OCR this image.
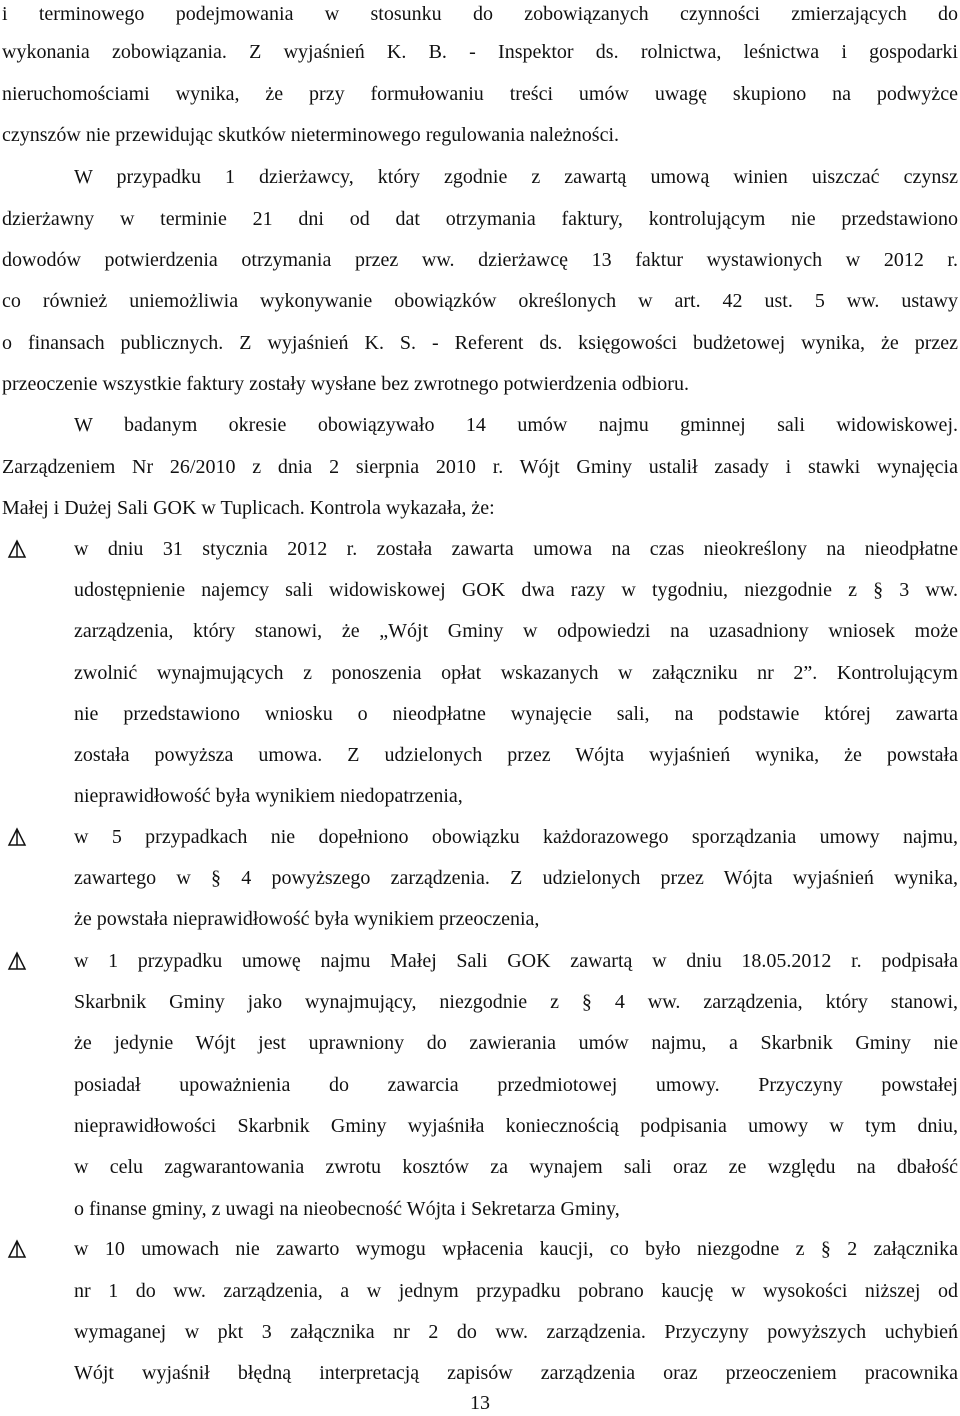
i terminowego podejmowania w stosunku do zobowiązanych czynności zmierzających do
wykonania zobowiązania. Z wyjaśnień K. B. - Inspektor ds. rolnictwa, leśnictwa i gospodarki
nieruchomościami wynika, że przy formułowaniu treści umów uwagę skupiono na podwyżce
czynszów nie przewidując skutków nieterminowego regulowania należności.
W przypadku 1 dzierżawcy, który zgodnie z zawartą umową winien uiszczać czynsz
dzierżawny w terminie 21 dni od dat otrzymania faktury, kontrolującym nie przedstawiono
dowodów potwierdzenia otrzymania przez ww. dzierżawcę 13 faktur wystawionych w 2012 r.
co również uniemożliwia wykonywanie obowiązków określonych w art. 42 ust. 5 ww. ustawy
o finansach publicznych. Z wyjaśnień K. S. - Referent ds. księgowości budżetowej wynika, że przez
przeoczenie wszystkie faktury zostały wysłane bez zwrotnego potwierdzenia odbioru.
W badanym okresie obowiązywało 14 umów najmu gminnej sali widowiskowej.
Zarządzeniem Nr 26/2010 z dnia 2 sierpnia 2010 r. Wójt Gminy ustalił zasady i stawki wynajęcia
Małej i Dużej Sali GOK w Tuplicach. Kontrola wykazała, że:
w dniu 31 stycznia 2012 r. została zawarta umowa na czas nieokreślony na nieodpłatne
udostępnienie najemcy sali widowiskowej GOK dwa razy w tygodniu, niezgodnie z § 3 ww.
zarządzenia, który stanowi, że „Wójt Gminy w odpowiedzi na uzasadniony wniosek może
zwolnić wynajmujących z ponoszenia opłat wskazanych w załączniku nr 2”. Kontrolującym
nie przedstawiono wniosku o nieodpłatne wynajęcie sali, na podstawie której zawarta
została powyższa umowa. Z udzielonych przez Wójta wyjaśnień wynika, że powstała
nieprawidłowość była wynikiem niedopatrzenia,
w 5 przypadkach nie dopełniono obowiązku każdorazowego sporządzania umowy najmu,
zawartego w § 4 powyższego zarządzenia. Z udzielonych przez Wójta wyjaśnień wynika,
że powstała nieprawidłowość była wynikiem przeoczenia,
w 1 przypadku umowę najmu Małej Sali GOK zawartą w dniu 18.05.2012 r. podpisała
Skarbnik Gminy jako wynajmujący, niezgodnie z § 4 ww. zarządzenia, który stanowi,
że jedynie Wójt jest uprawniony do zawierania umów najmu, a Skarbnik Gminy nie
posiadał upoważnienia do zawarcia przedmiotowej umowy. Przyczyny powstałej
nieprawidłowości Skarbnik Gminy wyjaśniła koniecznością podpisania umowy w tym dniu,
w celu zagwarantowania zwrotu kosztów za wynajem sali oraz ze względu na dbałość
o finanse gminy, z uwagi na nieobecność Wójta i Sekretarza Gminy,
w 10 umowach nie zawarto wymogu wpłacenia kaucji, co było niezgodne z § 2 załącznika
nr 1 do ww. zarządzenia, a w jednym przypadku pobrano kaucję w wysokości niższej od
wymaganej w pkt 3 załącznika nr 2 do ww. zarządzenia. Przyczyny powyższych uchybień
Wójt wyjaśnił błędną interpretacją zapisów zarządzenia oraz przeoczeniem pracownika
13
